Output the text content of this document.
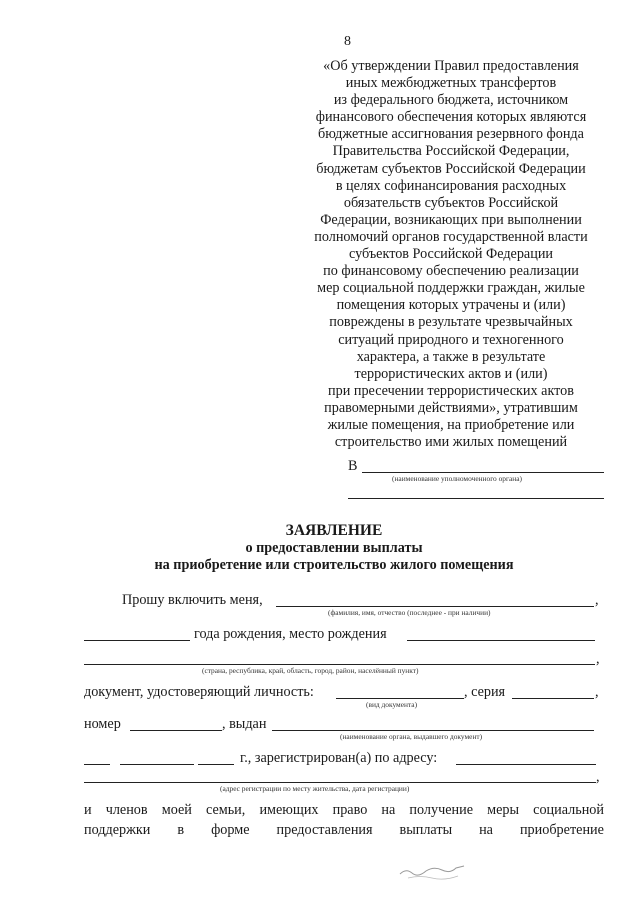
8
«Об утверждении Правил предоставления
иных межбюджетных трансфертов
из федерального бюджета, источником
финансового обеспечения которых являются
бюджетные ассигнования резервного фонда
Правительства Российской Федерации,
бюджетам субъектов Российской Федерации
в целях софинансирования расходных
обязательств субъектов Российской
Федерации, возникающих при выполнении
полномочий органов государственной власти
субъектов Российской Федерации
по финансовому обеспечению реализации
мер социальной поддержки граждан, жилые
помещения которых утрачены и (или)
повреждены в результате чрезвычайных
ситуаций природного и техногенного
характера, а также в результате
террористических актов и (или)
при пресечении террористических актов
правомерными действиями», утратившим
жилые помещения, на приобретение или
строительство ими жилых помещений
В
(наименование уполномоченного органа)
ЗАЯВЛЕНИЕ
о предоставлении выплаты
на приобретение или строительство жилого помещения
Прошу включить меня,	,
(фамилия, имя, отчество (последнее - при наличии)
года рождения, место рождения
,
(страна, республика, край, область, город, район, населённый пункт)
документ, удостоверяющий личность:	, серия	,
(вид документа)
номер	, выдан
(наименование органа, выдавшего документ)
г., зарегистрирован(а) по адресу:
,
(адрес регистрации по месту жительства, дата регистрации)
и членов моей семьи, имеющих право на получение меры социальной
поддержки в форме предоставления выплаты на приобретение
